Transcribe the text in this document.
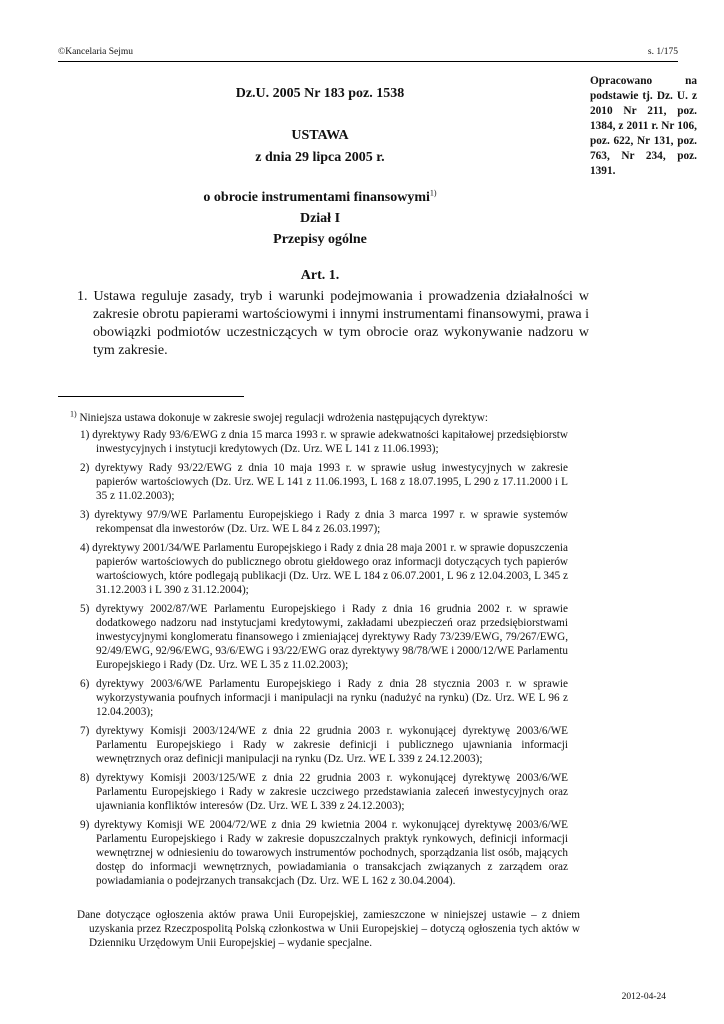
©Kancelaria Sejmu	s. 1/175
Opracowano na podstawie tj. Dz. U. z 2010 Nr 211, poz. 1384, z 2011 r. Nr 106, poz. 622, Nr 131, poz. 763, Nr 234, poz. 1391.
Dz.U. 2005 Nr 183 poz. 1538
USTAWA
z dnia 29 lipca 2005 r.
o obrocie instrumentami finansowymi$^{1)}$
Dział I
Przepisy ogólne
Art. 1.
1. Ustawa reguluje zasady, tryb i warunki podejmowania i prowadzenia działalności w zakresie obrotu papierami wartościowymi i innymi instrumentami finansowymi, prawa i obowiązki podmiotów uczestniczących w tym obrocie oraz wykonywanie nadzoru w tym zakresie.
$^{1)}$ Niniejsza ustawa dokonuje w zakresie swojej regulacji wdrożenia następujących dyrektyw:
1) dyrektywy Rady 93/6/EWG z dnia 15 marca 1993 r. w sprawie adekwatności kapitałowej przedsiębiorstw inwestycyjnych i instytucji kredytowych (Dz. Urz. WE L 141 z 11.06.1993);
2) dyrektywy Rady 93/22/EWG z dnia 10 maja 1993 r. w sprawie usług inwestycyjnych w zakresie papierów wartościowych (Dz. Urz. WE L 141 z 11.06.1993, L 168 z 18.07.1995, L 290 z 17.11.2000 i L 35 z 11.02.2003);
3) dyrektywy 97/9/WE Parlamentu Europejskiego i Rady z dnia 3 marca 1997 r. w sprawie systemów rekompensat dla inwestorów (Dz. Urz. WE L 84 z 26.03.1997);
4) dyrektywy 2001/34/WE Parlamentu Europejskiego i Rady z dnia 28 maja 2001 r. w sprawie dopuszczenia papierów wartościowych do publicznego obrotu giełdowego oraz informacji dotyczących tych papierów wartościowych, które podlegają publikacji (Dz. Urz. WE L 184 z 06.07.2001, L 96 z 12.04.2003, L 345 z 31.12.2003 i L 390 z 31.12.2004);
5) dyrektywy 2002/87/WE Parlamentu Europejskiego i Rady z dnia 16 grudnia 2002 r. w sprawie dodatkowego nadzoru nad instytucjami kredytowymi, zakładami ubezpieczeń oraz przedsiębiorstwami inwestycyjnymi konglomeratu finansowego i zmieniającej dyrektywy Rady 73/239/EWG, 79/267/EWG, 92/49/EWG, 92/96/EWG, 93/6/EWG i 93/22/EWG oraz dyrektywy 98/78/WE i 2000/12/WE Parlamentu Europejskiego i Rady (Dz. Urz. WE L 35 z 11.02.2003);
6) dyrektywy 2003/6/WE Parlamentu Europejskiego i Rady z dnia 28 stycznia 2003 r. w sprawie wykorzystywania poufnych informacji i manipulacji na rynku (nadużyć na rynku) (Dz. Urz. WE L 96 z 12.04.2003);
7) dyrektywy Komisji 2003/124/WE z dnia 22 grudnia 2003 r. wykonującej dyrektywę 2003/6/WE Parlamentu Europejskiego i Rady w zakresie definicji i publicznego ujawniania informacji wewnętrznych oraz definicji manipulacji na rynku (Dz. Urz. WE L 339 z 24.12.2003);
8) dyrektywy Komisji 2003/125/WE z dnia 22 grudnia 2003 r. wykonującej dyrektywę 2003/6/WE Parlamentu Europejskiego i Rady w zakresie uczciwego przedstawiania zaleceń inwestycyjnych oraz ujawniania konfliktów interesów (Dz. Urz. WE L 339 z 24.12.2003);
9) dyrektywy Komisji WE 2004/72/WE z dnia 29 kwietnia 2004 r. wykonującej dyrektywę 2003/6/WE Parlamentu Europejskiego i Rady w zakresie dopuszczalnych praktyk rynkowych, definicji informacji wewnętrznej w odniesieniu do towarowych instrumentów pochodnych, sporządzania list osób, mających dostęp do informacji wewnętrznych, powiadamiania o transakcjach związanych z zarządem oraz powiadamiania o podejrzanych transakcjach (Dz. Urz. WE L 162 z 30.04.2004).
Dane dotyczące ogłoszenia aktów prawa Unii Europejskiej, zamieszczone w niniejszej ustawie – z dniem uzyskania przez Rzeczpospolitą Polską członkostwa w Unii Europejskiej – dotyczą ogłoszenia tych aktów w Dzienniku Urzędowym Unii Europejskiej – wydanie specjalne.
2012-04-24
